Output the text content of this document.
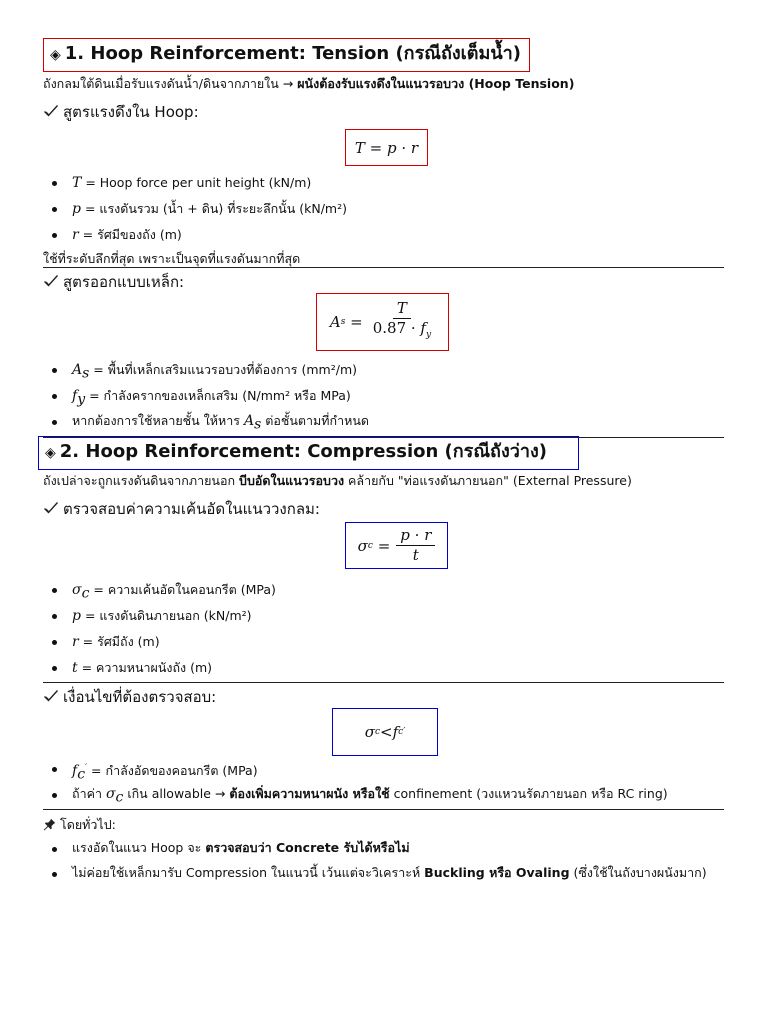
◈ 1. Hoop Reinforcement: Tension (กรณีถังเต็มน้ำ)
ถังกลมใต้ดินเมื่อรับแรงดันน้ำ/ดินจากภายใน → ผนังต้องรับแรงดึงในแนวรอบวง (Hoop Tension)
สูตรแรงดึงใน Hoop:
T = p · r
T = Hoop force per unit height (kN/m)
p = แรงดันรวม (น้ำ + ดิน) ที่ระยะลึกนั้น (kN/m²)
r = รัศมีของถัง (m)
ใช้ที่ระดับลึกที่สุด เพราะเป็นจุดที่แรงดันมากที่สุด
สูตรออกแบบเหล็ก:
A $s = \frac{T}{0.87 \cdot f_y}$
$A_s$ = พื้นที่เหล็กเสริมแนวรอบวงที่ต้องการ (mm²/m)
$f_y$ = กำลังครากของเหล็กเสริม (N/mm² หรือ MPa)
หากต้องการใช้หลายชั้น ให้หาร $A_s$ ต่อชั้นตามที่กำหนด
◈ 2. Hoop Reinforcement: Compression (กรณีถังว่าง)
ถังเปล่าจะถูกแรงดันดินจากภายนอก บีบอัดในแนวรอบวง คล้ายกับ "ท่อแรงดันภายนอก" (External Pressure)
ตรวจสอบค่าความเค้นอัดในแนววงกลม:
σ $c = \frac{p \cdot r}{t}$
$\sigma_c$ = ความเค้นอัดในคอนกรีต (MPa)
p = แรงดันดินภายนอก (kN/m²)
r = รัศมีถัง (m)
t = ความหนาผนังถัง (m)
เงื่อนไขที่ต้องตรวจสอบ:
σ c < f c ′
$f_c'$ = กำลังอัดของคอนกรีต (MPa)
ถ้าค่า $\sigma_c$ เกิน allowable → ต้องเพิ่มความหนาผนัง หรือใช้ confinement (วงแหวนรัดภายนอก หรือ RC ring)
โดยทั่วไป:
แรงอัดในแนว Hoop จะ ตรวจสอบว่า Concrete รับได้หรือไม่
ไม่ค่อยใช้เหล็กมารับ Compression ในแนวนี้ เว้นแต่จะวิเคราะห์ Buckling หรือ Ovaling (ซึ่งใช้ในถังบางผนังมาก)
